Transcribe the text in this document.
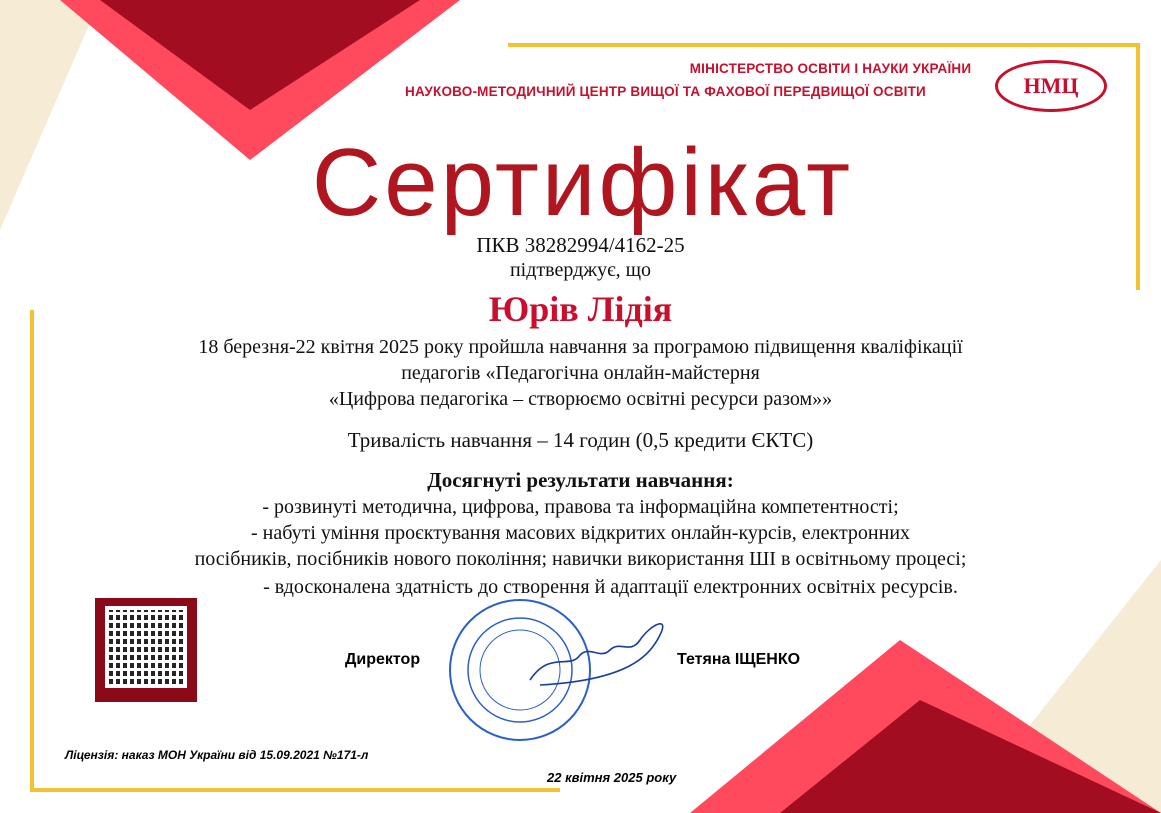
МІНІСТЕРСТВО ОСВІТИ І НАУКИ УКРАЇНИ
НАУКОВО-МЕТОДИЧНИЙ ЦЕНТР ВИЩОЇ ТА ФАХОВОЇ ПЕРЕДВИЩОЇ ОСВІТИ	НМЦ
Сертифікат
ПКВ 38282994/4162-25
підтверджує, що
Юрів Лідія
18 березня-22 квітня 2025 року пройшла навчання за програмою підвищення кваліфікації
педагогів «Педагогічна онлайн-майстерня
«Цифрова педагогіка – створюємо освітні ресурси разом»»
Тривалість навчання – 14 годин (0,5 кредити ЄКТС)
Досягнуті результати навчання:
- розвинуті методична, цифрова, правова та інформаційна компетентності;
- набуті уміння проєктування масових відкритих онлайн-курсів, електронних
посібників, посібників нового покоління; навички використання ШІ в освітньому процесі;
- вдосконалена здатність до створення й адаптації електронних освітніх ресурсів.
Директор	Тетяна ІЩЕНКО
Ліцензія: наказ МОН України від 15.09.2021 №171-л
22 квітня 2025 року
